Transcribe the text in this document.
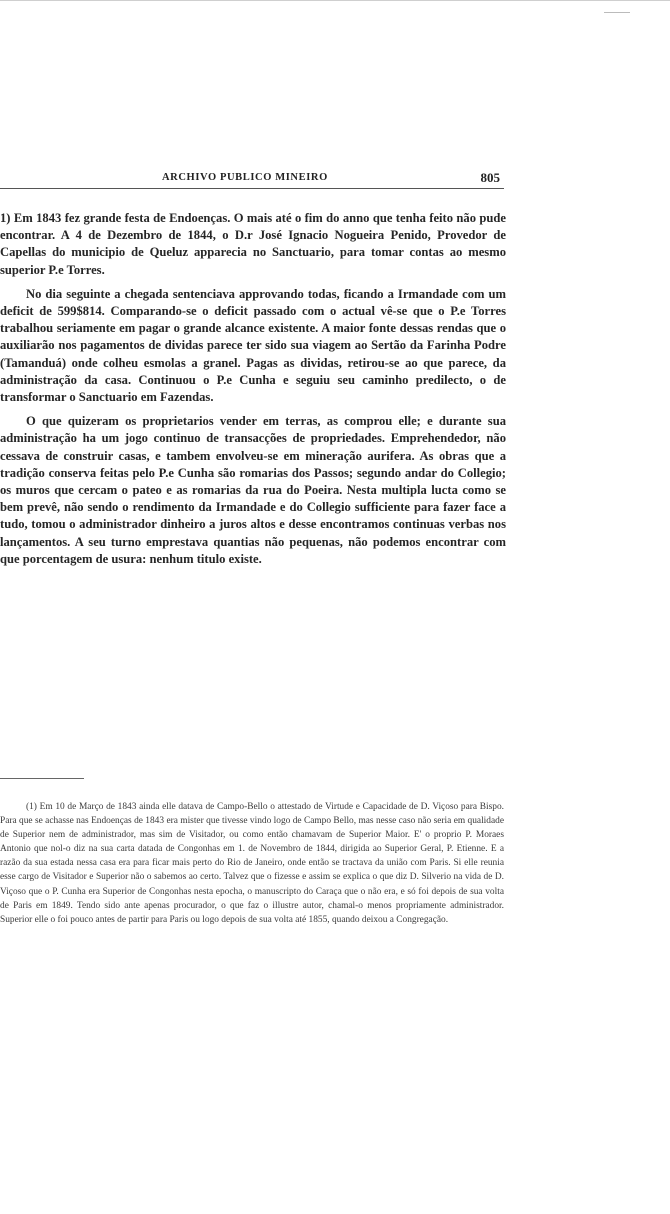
ARCHIVO PUBLICO MINEIRO	805

1) Em 1843 fez grande festa de Endoenças. O mais até o fim do anno que tenha feito não pude encontrar. A 4 de Dezembro de 1844, o D.r José Ignacio Nogueira Penido, Provedor de Capellas do municipio de Queluz apparecia no Sanctuario, para tomar contas ao mesmo superior P.e Torres.

No dia seguinte a chegada sentenciava approvando todas, ficando a Irmandade com um deficit de 599$814. Comparando-se o deficit passado com o actual vê-se que o P.e Torres trabalhou seriamente em pagar o grande alcance existente. A maior fonte dessas rendas que o auxiliarão nos pagamentos de dividas parece ter sido sua viagem ao Sertão da Farinha Podre (Tamanduá) onde colheu esmolas a granel. Pagas as dividas, retirou-se ao que parece, da administração da casa. Continuou o P.e Cunha e seguiu seu caminho predilecto, o de transformar o Sanctuario em Fazendas.

O que quizeram os proprietarios vender em terras, as comprou elle; e durante sua administração ha um jogo continuo de transacções de propriedades. Emprehendedor, não cessava de construir casas, e tambem envolveu-se em mineração aurifera. As obras que a tradição conserva feitas pelo P.e Cunha são romarias dos Passos; segundo andar do Collegio; os muros que cercam o pateo e as romarias da rua do Poeira. Nesta multipla lucta como se bem prevê, não sendo o rendimento da Irmandade e do Collegio sufficiente para fazer face a tudo, tomou o administrador dinheiro a juros altos e desse encontramos continuas verbas nos lançamentos. A seu turno emprestava quantias não pequenas, não podemos encontrar com que porcentagem de usura: nenhum titulo existe.

(1) Em 10 de Março de 1843 ainda elle datava de Campo-Bello o attestado de Virtude e Capacidade de D. Viçoso para Bispo. Para que se achasse nas Endoenças de 1843 era mister que tivesse vindo logo de Campo Bello, mas nesse caso não seria em qualidade de Superior nem de administrador, mas sim de Visitador, ou como então chamavam de Superior Maior. E' o proprio P. Moraes Antonio que nol-o diz na sua carta datada de Congonhas em 1. de Novembro de 1844, dirigida ao Superior Geral, P. Etienne. E a razão da sua estada nessa casa era para ficar mais perto do Rio de Janeiro, onde então se tractava da união com Paris. Si elle reunia esse cargo de Visitador e Superior não o sabemos ao certo. Talvez que o fizesse e assim se explica o que diz D. Silverio na vida de D. Viçoso que o P. Cunha era Superior de Congonhas nesta epocha, o manuscripto do Caraça que o não era, e só foi depois de sua volta de Paris em 1849. Tendo sido ante apenas procurador, o que faz o illustre autor, chamal-o menos propriamente administrador. Superior elle o foi pouco antes de partir para Paris ou logo depois de sua volta até 1855, quando deixou a Congregação.
